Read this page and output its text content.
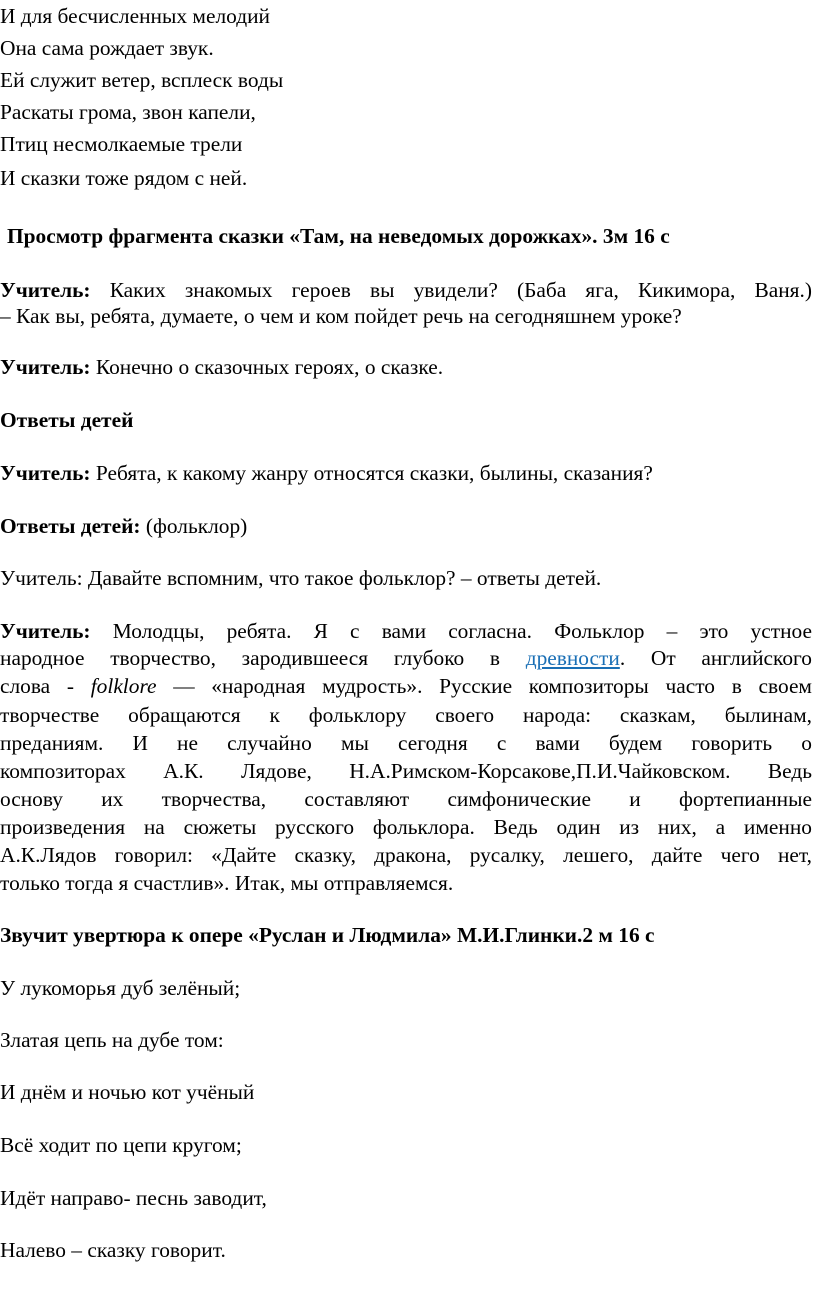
И для бесчисленных мелодий
Она сама рождает звук.
Ей служит ветер, всплеск воды
Раскаты грома, звон капели,
Птиц несмолкаемые трели
И сказки тоже рядом с ней.
Просмотр фрагмента сказки «Там, на неведомых дорожках». 3м 16 с
Учитель: Каких знакомых героев вы увидели? (Баба яга, Кикимора, Ваня.)
– Как вы, ребята, думаете, о чем и ком пойдет речь на сегодняшнем уроке?
Учитель: Конечно о сказочных героях, о сказке.
Ответы детей
Учитель: Ребята, к какому жанру относятся сказки, былины, сказания?
Ответы детей: (фольклор)
Учитель: Давайте вспомним, что такое фольклор? – ответы детей.
Учитель: Молодцы, ребята. Я с вами согласна. Фольклор – это устное
народное творчество, зародившееся глубоко в древности. От английского
слова - folklore — «народная мудрость». Русские композиторы часто в своем
творчестве обращаются к фольклору своего народа: сказкам, былинам,
преданиям. И не случайно мы сегодня с вами будем говорить о
композиторах А.К. Лядове, Н.А.Римском-Корсакове,П.И.Чайковском. Ведь
основу их творчества, составляют симфонические и фортепианные
произведения на сюжеты русского фольклора. Ведь один из них, а именно
А.К.Лядов говорил: «Дайте сказку, дракона, русалку, лешего, дайте чего нет,
только тогда я счастлив». Итак, мы отправляемся.
Звучит увертюра к опере «Руслан и Людмила» М.И.Глинки.2 м 16 с
У лукоморья дуб зелёный;
Златая цепь на дубе том:
И днём и ночью кот учёный
Всё ходит по цепи кругом;
Идёт направо- песнь заводит,
Налево – сказку говорит.
